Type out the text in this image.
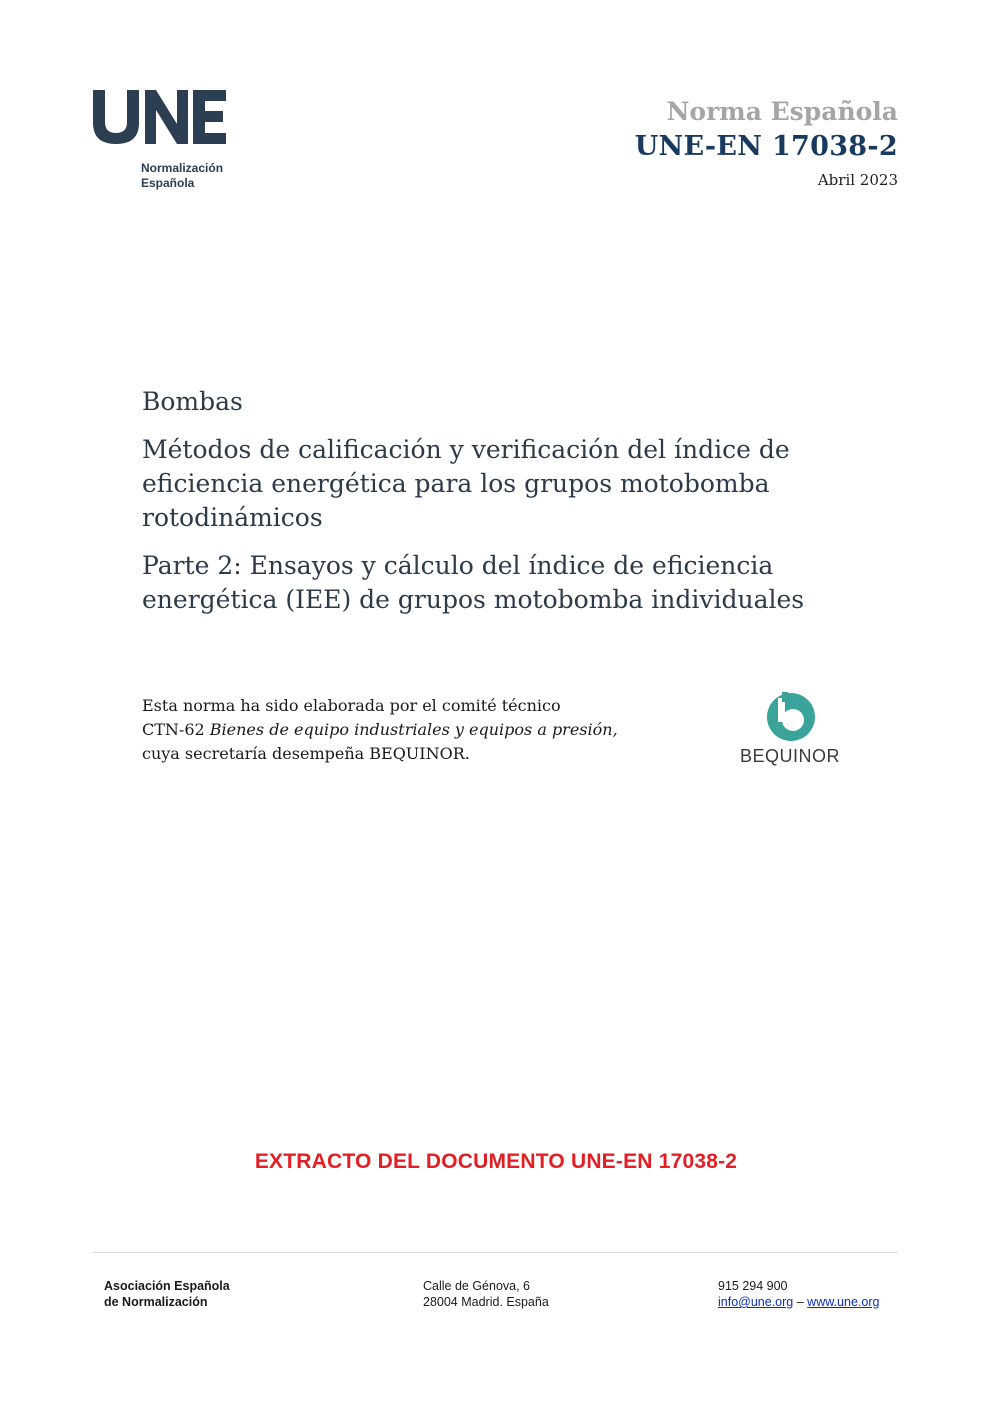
Normalización
Española
Norma Española
UNE-EN 17038-2
Abril 2023
Bombas
Métodos de calificación y verificación del índice de eficiencia energética para los grupos motobomba rotodinámicos
Parte 2: Ensayos y cálculo del índice de eficiencia energética (IEE) de grupos motobomba individuales
Esta norma ha sido elaborada por el comité técnico
CTN-62 Bienes de equipo industriales y equipos a presión,
cuya secretaría desempeña BEQUINOR.	BEQUINOR
EXTRACTO DEL DOCUMENTO UNE-EN 17038-2
Asociación Española
de Normalización
Calle de Génova, 6
28004 Madrid. España
915 294 900
info@une.org – www.une.org
